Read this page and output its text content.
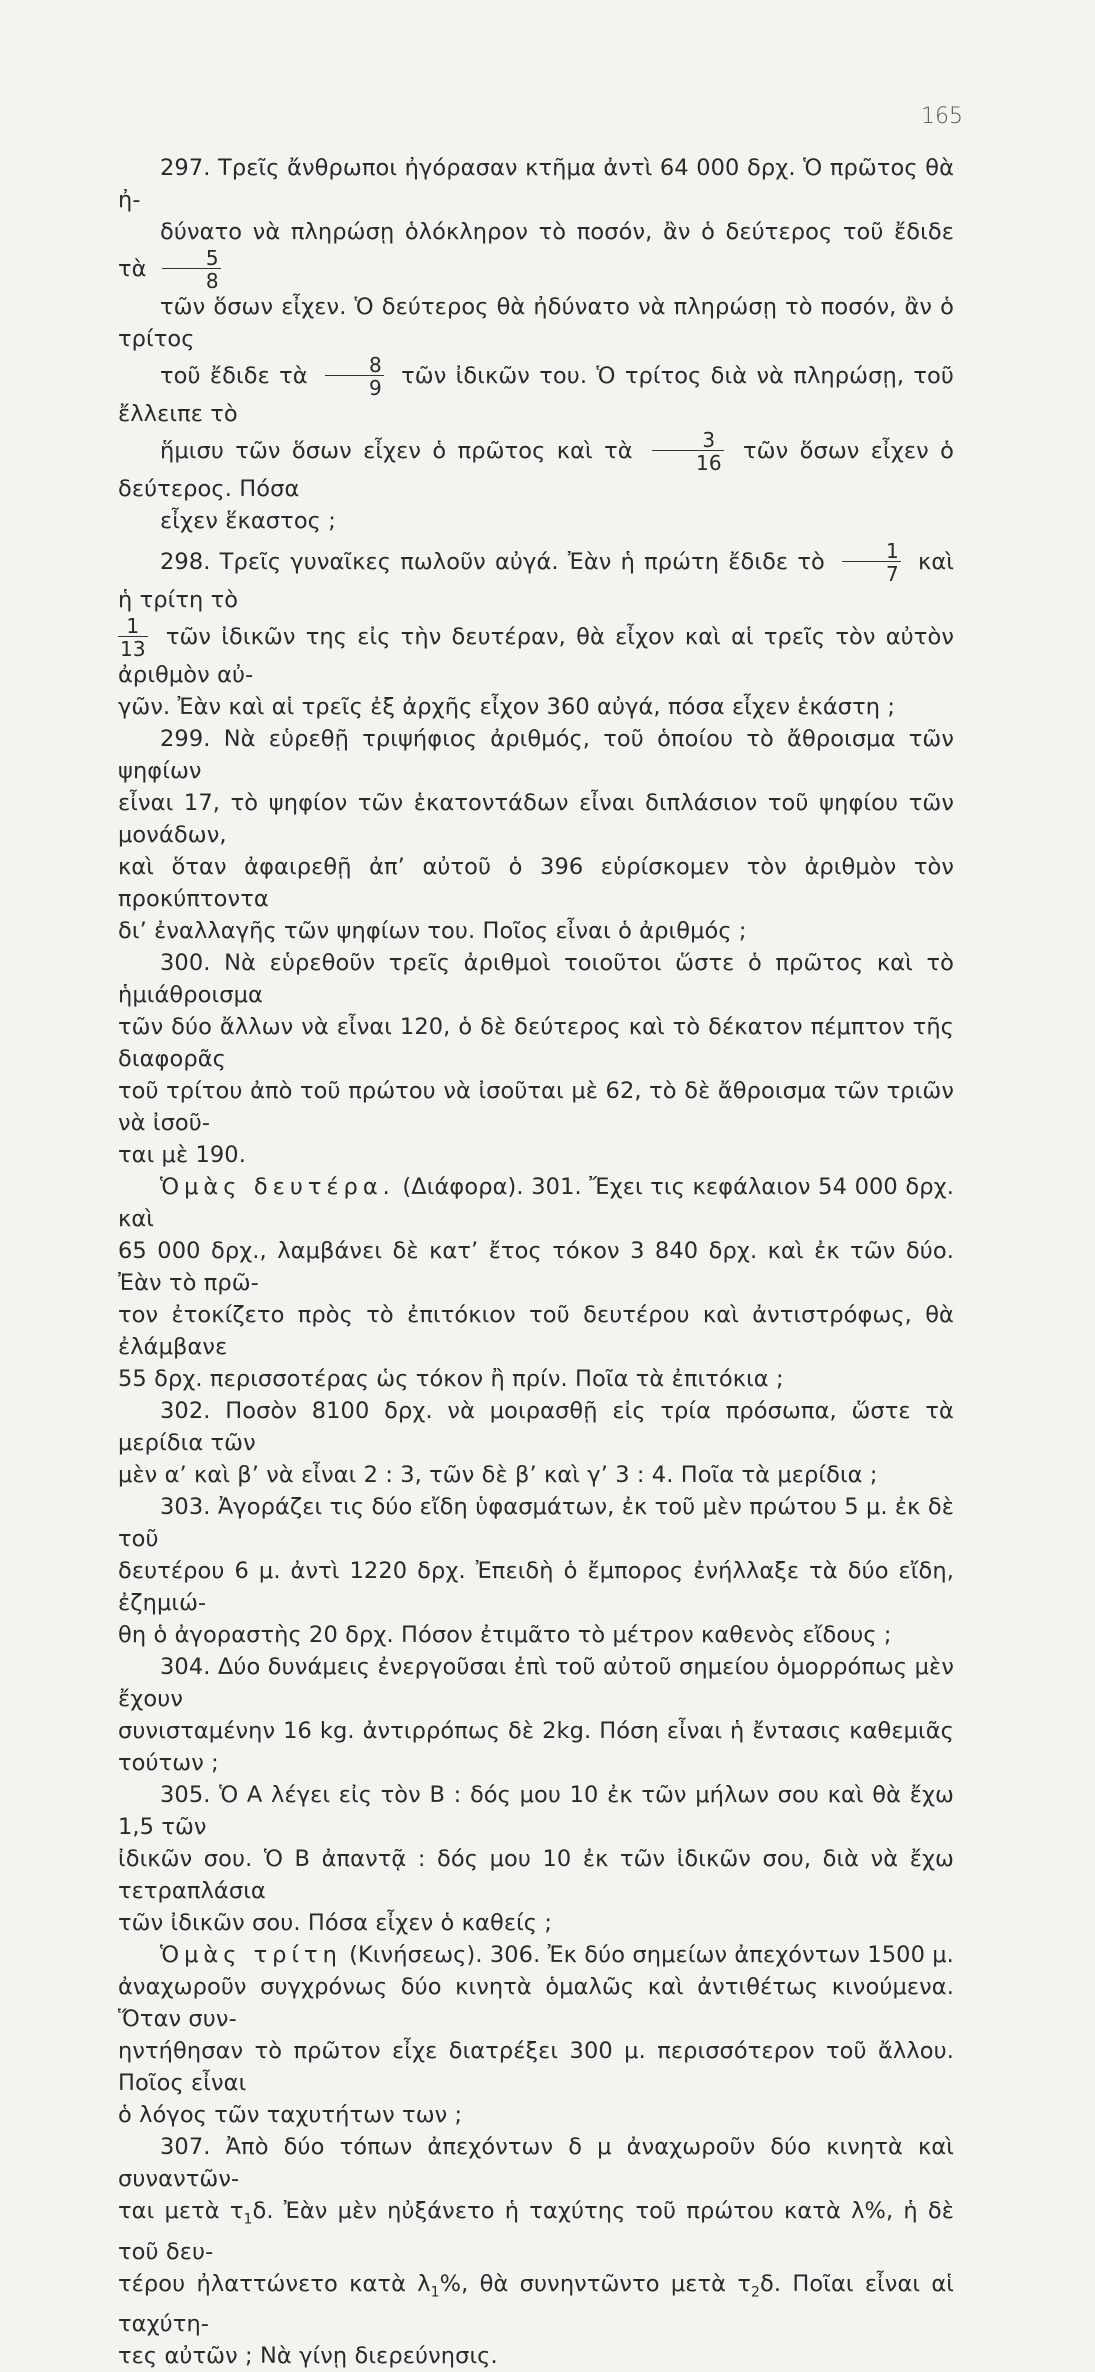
165

297. Τρεῖς ἄνθρωποι ἠγόρασαν κτῆμα ἀντὶ 64 000 δρχ. Ὁ πρῶτος θὰ ἠ-
δύνατο νὰ πληρώσῃ ὁλόκληρον τὸ ποσόν, ἂν ὁ δεύτερος τοῦ ἔδιδε τὰ $\frac{5}{8}$
τῶν ὅσων εἶχεν. Ὁ δεύτερος θὰ ἠδύνατο νὰ πληρώσῃ τὸ ποσόν, ἂν ὁ τρίτος
τοῦ ἔδιδε τὰ $\frac{8}{9}$ τῶν ἰδικῶν του. Ὁ τρίτος διὰ νὰ πληρώσῃ, τοῦ ἔλλειπε τὸ
ἥμισυ τῶν ὅσων εἶχεν ὁ πρῶτος καὶ τὰ $\frac{3}{16}$ τῶν ὅσων εἶχεν ὁ δεύτερος. Πόσα
εἶχεν ἕκαστος ;

298. Τρεῖς γυναῖκες πωλοῦν αὐγά. Ἐὰν ἡ πρώτη ἔδιδε τὸ $\frac{1}{7}$ καὶ ἡ τρίτη τὸ
$\frac{1}{13}$ τῶν ἰδικῶν της εἰς τὴν δευτέραν, θὰ εἶχον καὶ αἱ τρεῖς τὸν αὐτὸν ἀριθμὸν αὐ-
γῶν. Ἐὰν καὶ αἱ τρεῖς ἐξ ἀρχῆς εἶχον 360 αὐγά, πόσα εἶχεν ἑκάστη ;

299. Νὰ εὑρεθῇ τριψήφιος ἀριθμός, τοῦ ὁποίου τὸ ἄθροισμα τῶν ψηφίων
εἶναι 17, τὸ ψηφίον τῶν ἑκατοντάδων εἶναι διπλάσιον τοῦ ψηφίου τῶν μονάδων,
καὶ ὅταν ἀφαιρεθῇ ἀπ’ αὐτοῦ ὁ 396 εὑρίσκομεν τὸν ἀριθμὸν τὸν προκύπτοντα
δι’ ἐναλλαγῆς τῶν ψηφίων του. Ποῖος εἶναι ὁ ἀριθμός ;

300. Νὰ εὑρεθοῦν τρεῖς ἀριθμοὶ τοιοῦτοι ὥστε ὁ πρῶτος καὶ τὸ ἡμιάθροισμα
τῶν δύο ἄλλων νὰ εἶναι 120, ὁ δὲ δεύτερος καὶ τὸ δέκατον πέμπτον τῆς διαφορᾶς
τοῦ τρίτου ἀπὸ τοῦ πρώτου νὰ ἰσοῦται μὲ 62, τὸ δὲ ἄθροισμα τῶν τριῶν νὰ ἰσοῦ-
ται μὲ 190.

Ὁμὰς δευτέρα. (Διάφορα). 301. Ἔχει τις κεφάλαιον 54 000 δρχ. καὶ
65 000 δρχ., λαμβάνει δὲ κατ’ ἔτος τόκον 3 840 δρχ. καὶ ἐκ τῶν δύο. Ἐὰν τὸ πρῶ-
τον ἐτοκίζετο πρὸς τὸ ἐπιτόκιον τοῦ δευτέρου καὶ ἀντιστρόφως, θὰ ἐλάμβανε
55 δρχ. περισσοτέρας ὡς τόκον ἢ πρίν. Ποῖα τὰ ἐπιτόκια ;

302. Ποσὸν 8100 δρχ. νὰ μοιρασθῇ εἰς τρία πρόσωπα, ὥστε τὰ μερίδια τῶν
μὲν α’ καὶ β’ νὰ εἶναι 2 : 3, τῶν δὲ β’ καὶ γ’ 3 : 4. Ποῖα τὰ μερίδια ;

303. Ἀγοράζει τις δύο εἴδη ὑφασμάτων, ἐκ τοῦ μὲν πρώτου 5 μ. ἐκ δὲ τοῦ
δευτέρου 6 μ. ἀντὶ 1220 δρχ. Ἐπειδὴ ὁ ἔμπορος ἐνήλλαξε τὰ δύο εἴδη, ἐζημιώ-
θη ὁ ἀγοραστὴς 20 δρχ. Πόσον ἐτιμᾶτο τὸ μέτρον καθενὸς εἴδους ;

304. Δύο δυνάμεις ἐνεργοῦσαι ἐπὶ τοῦ αὐτοῦ σημείου ὁμορρόπως μὲν ἔχουν
συνισταμένην 16 kg. ἀντιρρόπως δὲ 2kg. Πόση εἶναι ἡ ἔντασις καθεμιᾶς τούτων ;

305. Ὁ Α λέγει εἰς τὸν Β : δός μου 10 ἐκ τῶν μήλων σου καὶ θὰ ἔχω 1,5 τῶν
ἰδικῶν σου. Ὁ Β ἀπαντᾷ : δός μου 10 ἐκ τῶν ἰδικῶν σου, διὰ νὰ ἔχω τετραπλάσια
τῶν ἰδικῶν σου. Πόσα εἶχεν ὁ καθείς ;

Ὁμὰς τρίτη (Κινήσεως). 306. Ἐκ δύο σημείων ἀπεχόντων 1500 μ.
ἀναχωροῦν συγχρόνως δύο κινητὰ ὁμαλῶς καὶ ἀντιθέτως κινούμενα. Ὅταν συν-
ηντήθησαν τὸ πρῶτον εἶχε διατρέξει 300 μ. περισσότερον τοῦ ἄλλου. Ποῖος εἶναι
ὁ λόγος τῶν ταχυτήτων των ;

307. Ἀπὸ δύο τόπων ἀπεχόντων δ μ ἀναχωροῦν δύο κινητὰ καὶ συναντῶν-
ται μετὰ $\tau_1\delta$. Ἐὰν μὲν ηὐξάνετο ἡ ταχύτης τοῦ πρώτου κατὰ λ%, ἡ δὲ τοῦ δευ-
τέρου ἠλαττώνετο κατὰ $\lambda_1\%$, θὰ συνηντῶντο μετὰ $\tau_2\delta$. Ποῖαι εἶναι αἱ ταχύτη-
τες αὐτῶν ; Νὰ γίνῃ διερεύνησις.
